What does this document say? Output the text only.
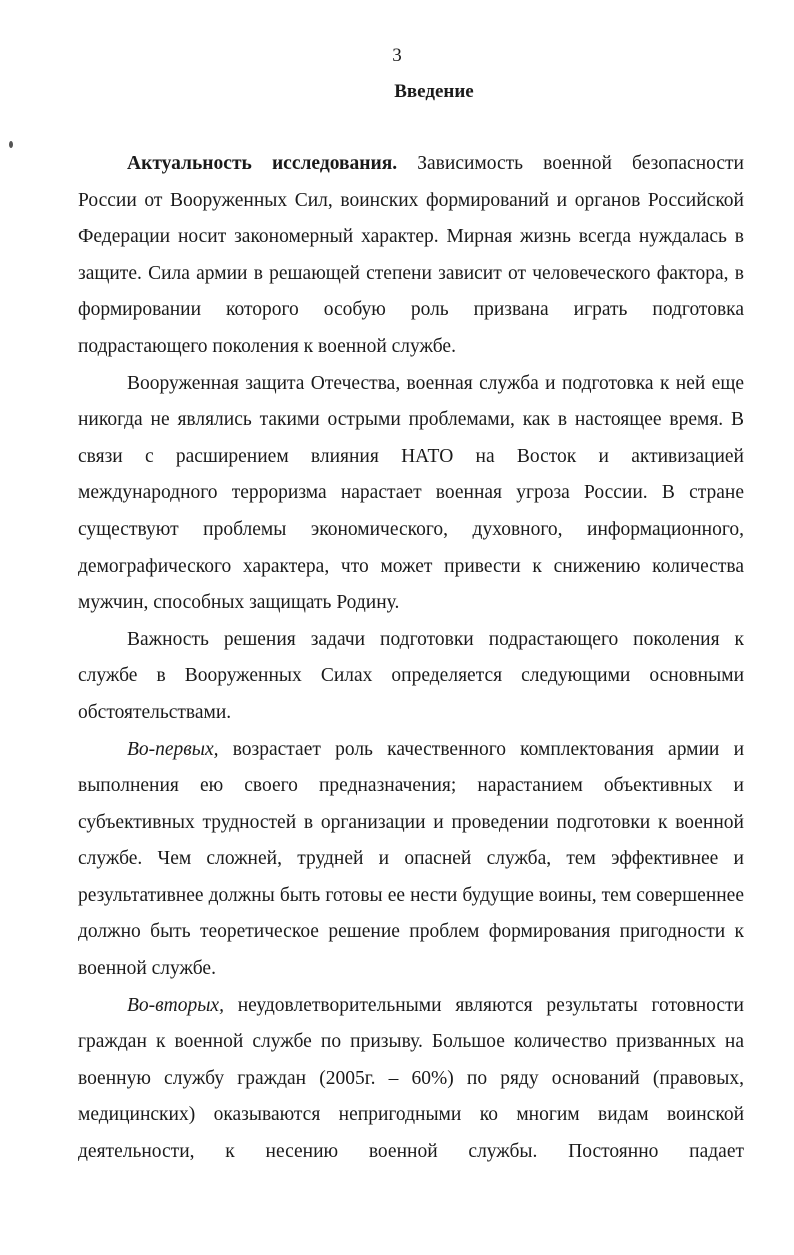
3
Введение

Актуальность исследования. Зависимость военной безопасности России от Вооруженных Сил, воинских формирований и органов Российской Федерации носит закономерный характер. Мирная жизнь всегда нуждалась в защите. Сила армии в решающей степени зависит от человеческого фактора, в формировании которого особую роль призвана играть подготовка подрастающего поколения к военной службе.

Вооруженная защита Отечества, военная служба и подготовка к ней еще никогда не являлись такими острыми проблемами, как в настоящее время. В связи с расширением влияния НАТО на Восток и активизацией международного терроризма нарастает военная угроза России. В стране существуют проблемы экономического, духовного, информационного, демографического характера, что может привести к снижению количества мужчин, способных защищать Родину.

Важность решения задачи подготовки подрастающего поколения к службе в Вооруженных Силах определяется следующими основными обстоятельствами.

Во-первых, возрастает роль качественного комплектования армии и выполнения ею своего предназначения; нарастанием объективных и субъективных трудностей в организации и проведении подготовки к военной службе. Чем сложней, трудней и опасней служба, тем эффективнее и результативнее должны быть готовы ее нести будущие воины, тем совершеннее должно быть теоретическое решение проблем формирования пригодности к военной службе.

Во-вторых, неудовлетворительными являются результаты готовности граждан к военной службе по призыву. Большое количество призванных на военную службу граждан (2005г. – 60%) по ряду оснований (правовых, медицинских) оказываются непригодными ко многим видам воинской деятельности, к несению военной службы. Постоянно падает
